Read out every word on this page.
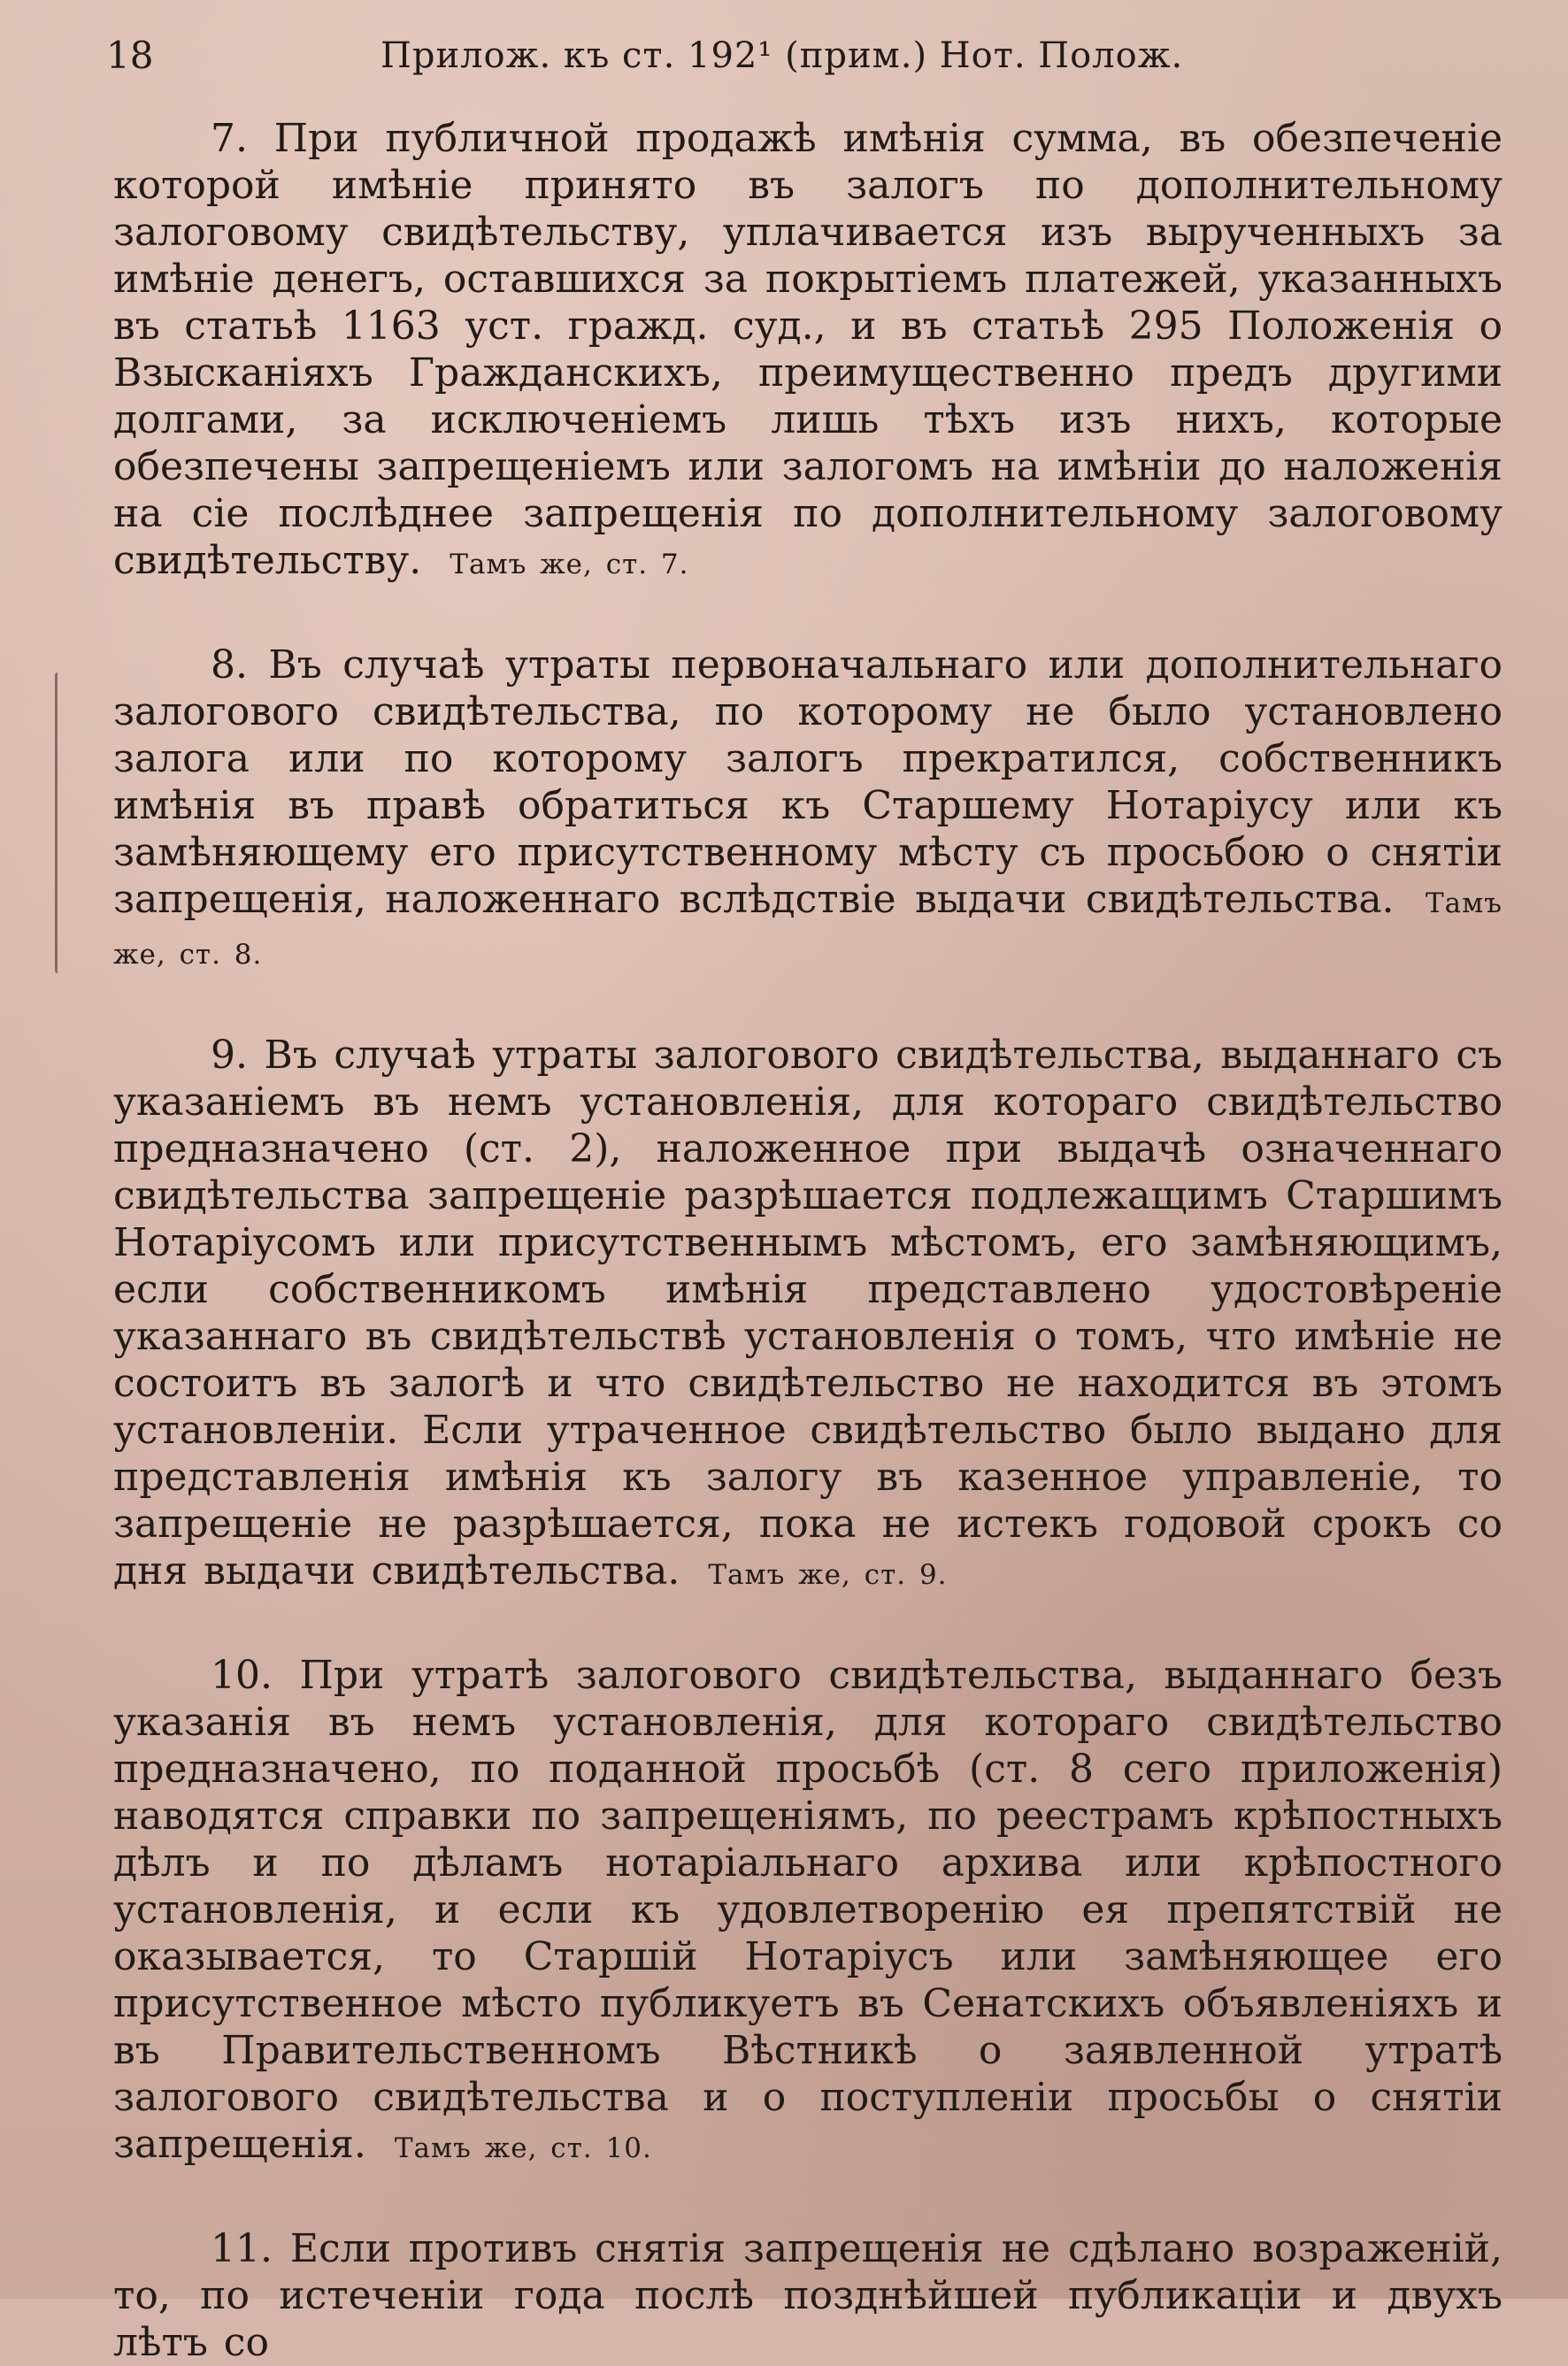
18	Прилож. къ ст. 192¹ (прим.) Нот. Полож.

7. При публичной продажѣ имѣнія сумма, въ обезпеченіе которой имѣніе принято въ залогъ по дополнительному залоговому свидѣтельству, уплачивается изъ вырученныхъ за имѣніе денегъ, оставшихся за покрытіемъ платежей, указанныхъ въ статьѣ 1163 уст. гражд. суд., и въ статьѣ 295 Положенія о Взысканіяхъ Гражданскихъ, преимущественно предъ другими долгами, за исключеніемъ лишь тѣхъ изъ нихъ, которые обезпечены запрещеніемъ или залогомъ на имѣніи до наложенія на сіе послѣднее запрещенія по дополнительному залоговому свидѣтельству. Тамъ же, ст. 7.

8. Въ случаѣ утраты первоначальнаго или дополнительнаго залогового свидѣтельства, по которому не было установлено залога или по которому залогъ прекратился, собственникъ имѣнія въ правѣ обратиться къ Старшему Нотаріусу или къ замѣняющему его присутственному мѣсту съ просьбою о снятіи запрещенія, наложеннаго вслѣдствіе выдачи свидѣтельства. Тамъ же, ст. 8.

9. Въ случаѣ утраты залогового свидѣтельства, выданнаго съ указаніемъ въ немъ установленія, для котораго свидѣтельство предназначено (ст. 2), наложенное при выдачѣ означеннаго свидѣтельства запрещеніе разрѣшается подлежащимъ Старшимъ Нотаріусомъ или присутственнымъ мѣстомъ, его замѣняющимъ, если собственникомъ имѣнія представлено удостовѣреніе указаннаго въ свидѣтельствѣ установленія о томъ, что имѣніе не состоитъ въ залогѣ и что свидѣтельство не находится въ этомъ установленіи. Если утраченное свидѣтельство было выдано для представленія имѣнія къ залогу въ казенное управленіе, то запрещеніе не разрѣшается, пока не истекъ годовой срокъ со дня выдачи свидѣтельства. Тамъ же, ст. 9.

10. При утратѣ залогового свидѣтельства, выданнаго безъ указанія въ немъ установленія, для котораго свидѣтельство предназначено, по поданной просьбѣ (ст. 8 сего приложенія) наводятся справки по запрещеніямъ, по реестрамъ крѣпостныхъ дѣлъ и по дѣламъ нотаріальнаго архива или крѣпостного установленія, и если къ удовлетворенію ея препятствій не оказывается, то Старшій Нотаріусъ или замѣняющее его присутственное мѣсто публикуетъ въ Сенатскихъ объявленіяхъ и въ Правительственномъ Вѣстникѣ о заявленной утратѣ залогового свидѣтельства и о поступленіи просьбы о снятіи запрещенія. Тамъ же, ст. 10.

11. Если противъ снятія запрещенія не сдѣлано возраженій, то, по истеченіи года послѣ позднѣйшей публикаціи и двухъ лѣтъ со
